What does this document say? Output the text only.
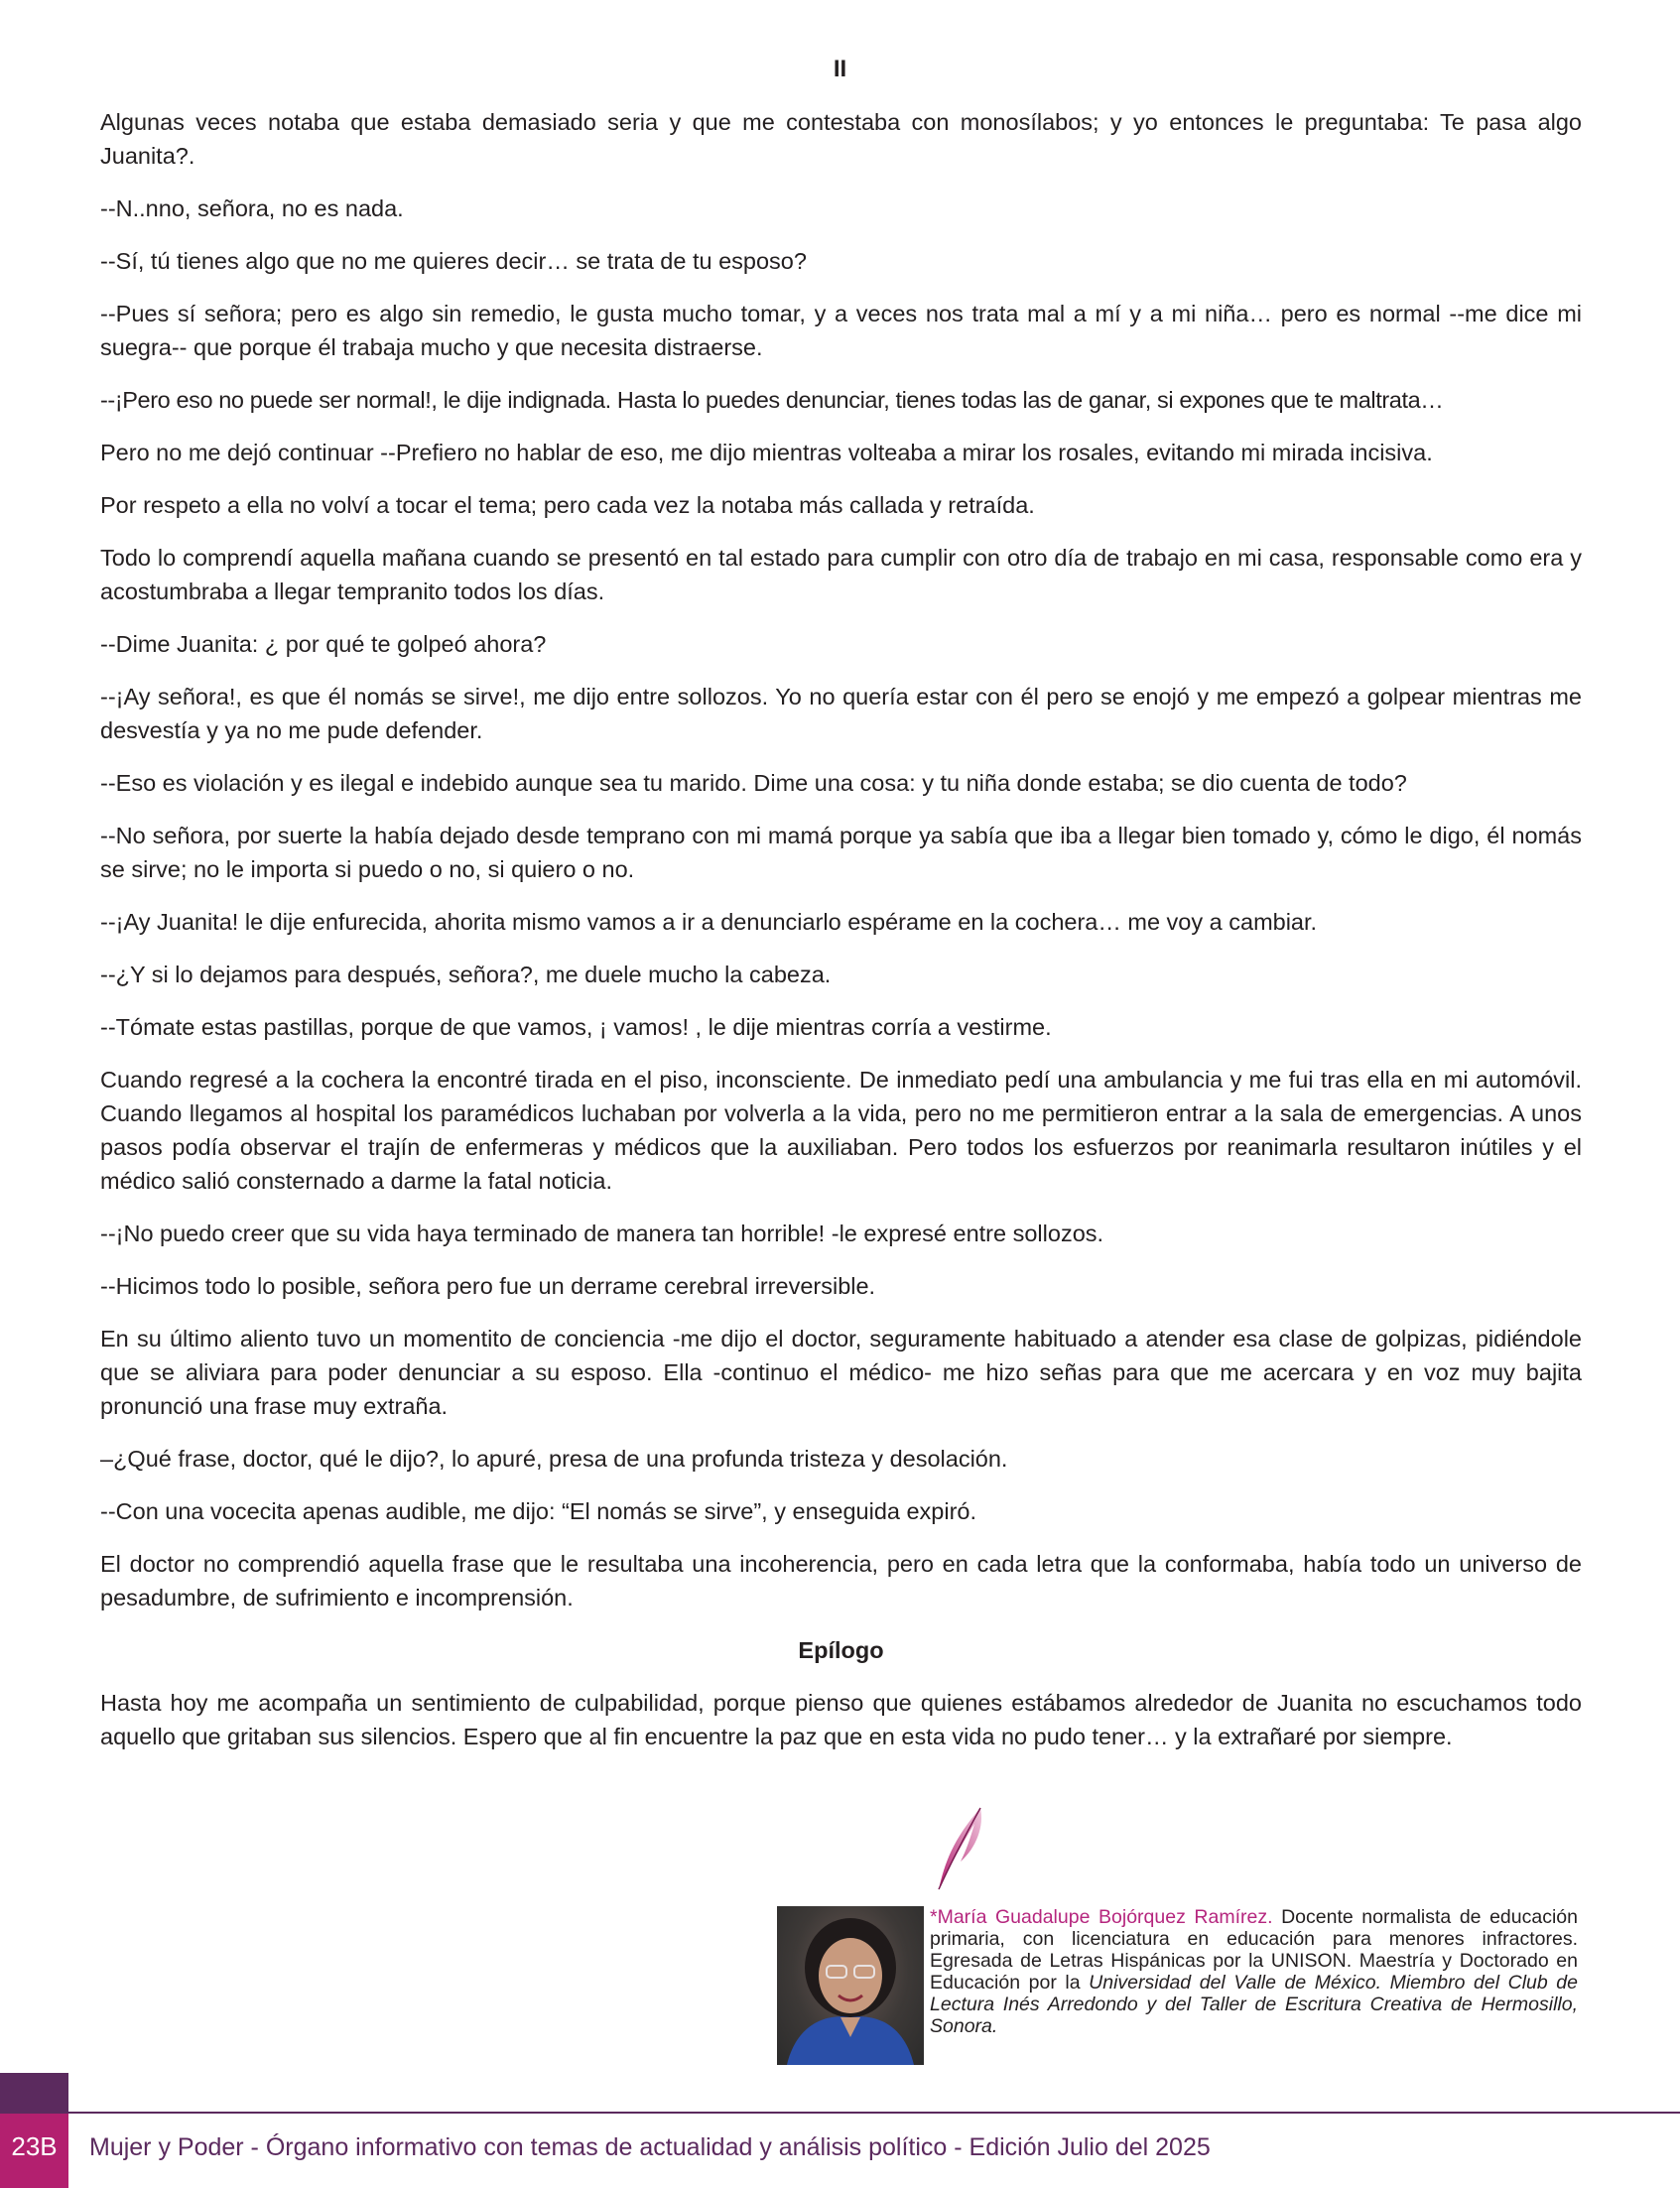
II

Algunas veces notaba que estaba demasiado seria y que me contestaba con monosílabos; y yo entonces le preguntaba: Te pasa algo Juanita?.

--N..nno, señora, no es nada.

--Sí, tú tienes algo que no me quieres decir… se trata de tu esposo?

--Pues sí señora; pero es algo sin remedio, le gusta mucho tomar, y a veces nos trata mal a mí y a mi niña… pero es normal --me dice mi suegra-- que porque él trabaja mucho y que necesita distraerse.

--¡Pero eso no puede ser normal!, le dije indignada. Hasta lo puedes denunciar, tienes todas las de ganar, si expones que te maltrata…

Pero no me dejó continuar --Prefiero no hablar de eso, me dijo mientras volteaba a mirar los rosales, evitando mi mirada incisiva.

Por respeto a ella no volví a tocar el tema; pero cada vez la notaba más callada y retraída.

Todo lo comprendí aquella mañana cuando se presentó en tal estado para cumplir con otro día de trabajo en mi casa, responsable como era y acostumbraba a llegar tempranito todos los días.

--Dime Juanita: ¿ por qué te golpeó ahora?

--¡Ay señora!, es que él nomás se sirve!, me dijo entre sollozos. Yo no quería estar con él pero se enojó y me empezó a golpear mientras me desvestía y ya no me pude defender.

--Eso es violación y es ilegal e indebido aunque sea tu marido. Dime una cosa: y tu niña donde estaba; se dio cuenta de todo?

--No señora, por suerte la había dejado desde temprano con mi mamá porque ya sabía que iba a llegar bien tomado y, cómo le digo, él nomás se sirve; no le importa si puedo o no, si quiero o no.

--¡Ay Juanita! le dije enfurecida, ahorita mismo vamos a ir a denunciarlo espérame en la cochera… me voy a cambiar.

--¿Y si lo dejamos para después, señora?, me duele mucho la cabeza.

--Tómate estas pastillas, porque de que vamos, ¡ vamos! , le dije mientras corría a vestirme.

Cuando regresé a la cochera la encontré tirada en el piso, inconsciente. De inmediato pedí una ambulancia y me fui tras ella en mi automóvil. Cuando llegamos al hospital los paramédicos luchaban por volverla a la vida, pero no me permitieron entrar a la sala de emergencias. A unos pasos podía observar el trajín de enfermeras y médicos que la auxiliaban. Pero todos los esfuerzos por reanimarla resultaron inútiles y el médico salió consternado a darme la fatal noticia.

--¡No puedo creer que su vida haya terminado de manera tan horrible! -le expresé entre sollozos.

--Hicimos todo lo posible, señora pero fue un derrame cerebral irreversible.

En su último aliento tuvo un momentito de conciencia -me dijo el doctor, seguramente habituado a atender esa clase de golpizas, pidiéndole que se aliviara para poder denunciar a su esposo. Ella -continuo el médico- me hizo señas para que me acercara y en voz muy bajita pronunció una frase muy extraña.

–¿Qué frase, doctor, qué le dijo?, lo apuré, presa de una profunda tristeza y desolación.

--Con una vocecita apenas audible, me dijo: “El nomás se sirve”, y enseguida expiró.

El doctor no comprendió aquella frase que le resultaba una incoherencia, pero en cada letra que la conformaba, había todo un universo de pesadumbre, de sufrimiento e incomprensión.

Epílogo

Hasta hoy me acompaña un sentimiento de culpabilidad, porque pienso que quienes estábamos alrededor de Juanita no escuchamos todo aquello que gritaban sus silencios. Espero que al fin encuentre la paz que en esta vida no pudo tener… y la extrañaré por siempre.

*María Guadalupe Bojórquez Ramírez. Docente normalista de educación primaria, con licenciatura en educación para menores infractores. Egresada de Letras Hispánicas por la UNISON. Maestría y Doctorado en Educación por la Universidad del Valle de México. Miembro del Club de Lectura Inés Arredondo y del Taller de Escritura Creativa de Hermosillo, Sonora.
23B	Mujer y Poder - Órgano informativo con temas de actualidad y análisis político - Edición Julio del 2025
